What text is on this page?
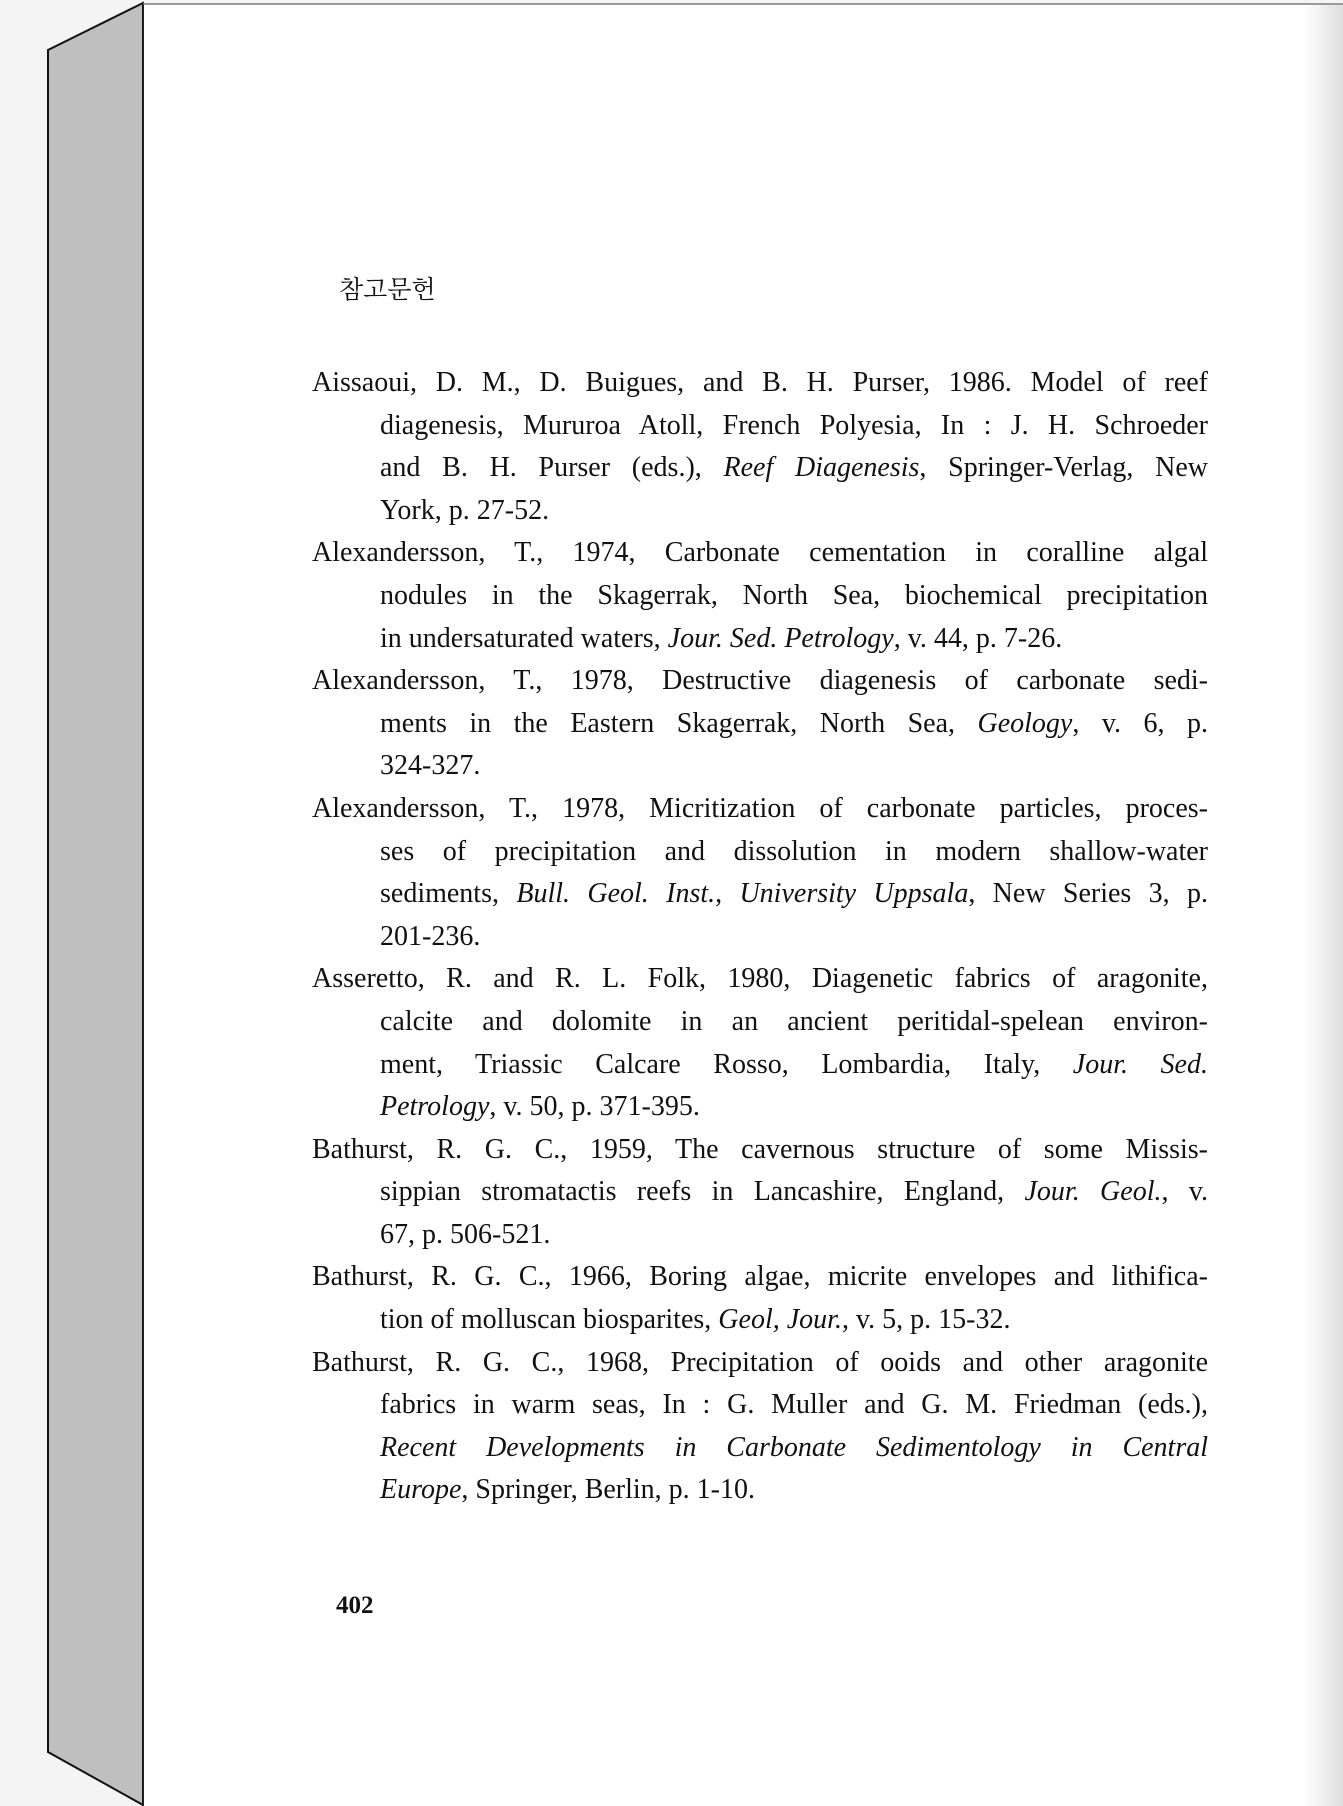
참고문헌
Aissaoui, D. M., D. Buigues, and B. H. Purser, 1986. Model of reef
diagenesis, Mururoa Atoll, French Polyesia, In : J. H. Schroeder
and B. H. Purser (eds.), Reef Diagenesis, Springer-Verlag, New
York, p. 27-52.
Alexandersson, T., 1974, Carbonate cementation in coralline algal
nodules in the Skagerrak, North Sea, biochemical precipitation
in undersaturated waters, Jour. Sed. Petrology, v. 44, p. 7-26.
Alexandersson, T., 1978, Destructive diagenesis of carbonate sedi-
ments in the Eastern Skagerrak, North Sea, Geology, v. 6, p.
324-327.
Alexandersson, T., 1978, Micritization of carbonate particles, proces-
ses of precipitation and dissolution in modern shallow-water
sediments, Bull. Geol. Inst., University Uppsala, New Series 3, p.
201-236.
Asseretto, R. and R. L. Folk, 1980, Diagenetic fabrics of aragonite,
calcite and dolomite in an ancient peritidal-spelean environ-
ment, Triassic Calcare Rosso, Lombardia, Italy, Jour. Sed.
Petrology, v. 50, p. 371-395.
Bathurst, R. G. C., 1959, The cavernous structure of some Missis-
sippian stromatactis reefs in Lancashire, England, Jour. Geol., v.
67, p. 506-521.
Bathurst, R. G. C., 1966, Boring algae, micrite envelopes and lithifica-
tion of molluscan biosparites, Geol, Jour., v. 5, p. 15-32.
Bathurst, R. G. C., 1968, Precipitation of ooids and other aragonite
fabrics in warm seas, In : G. Muller and G. M. Friedman (eds.),
Recent Developments in Carbonate Sedimentology in Central
Europe, Springer, Berlin, p. 1-10.
402
